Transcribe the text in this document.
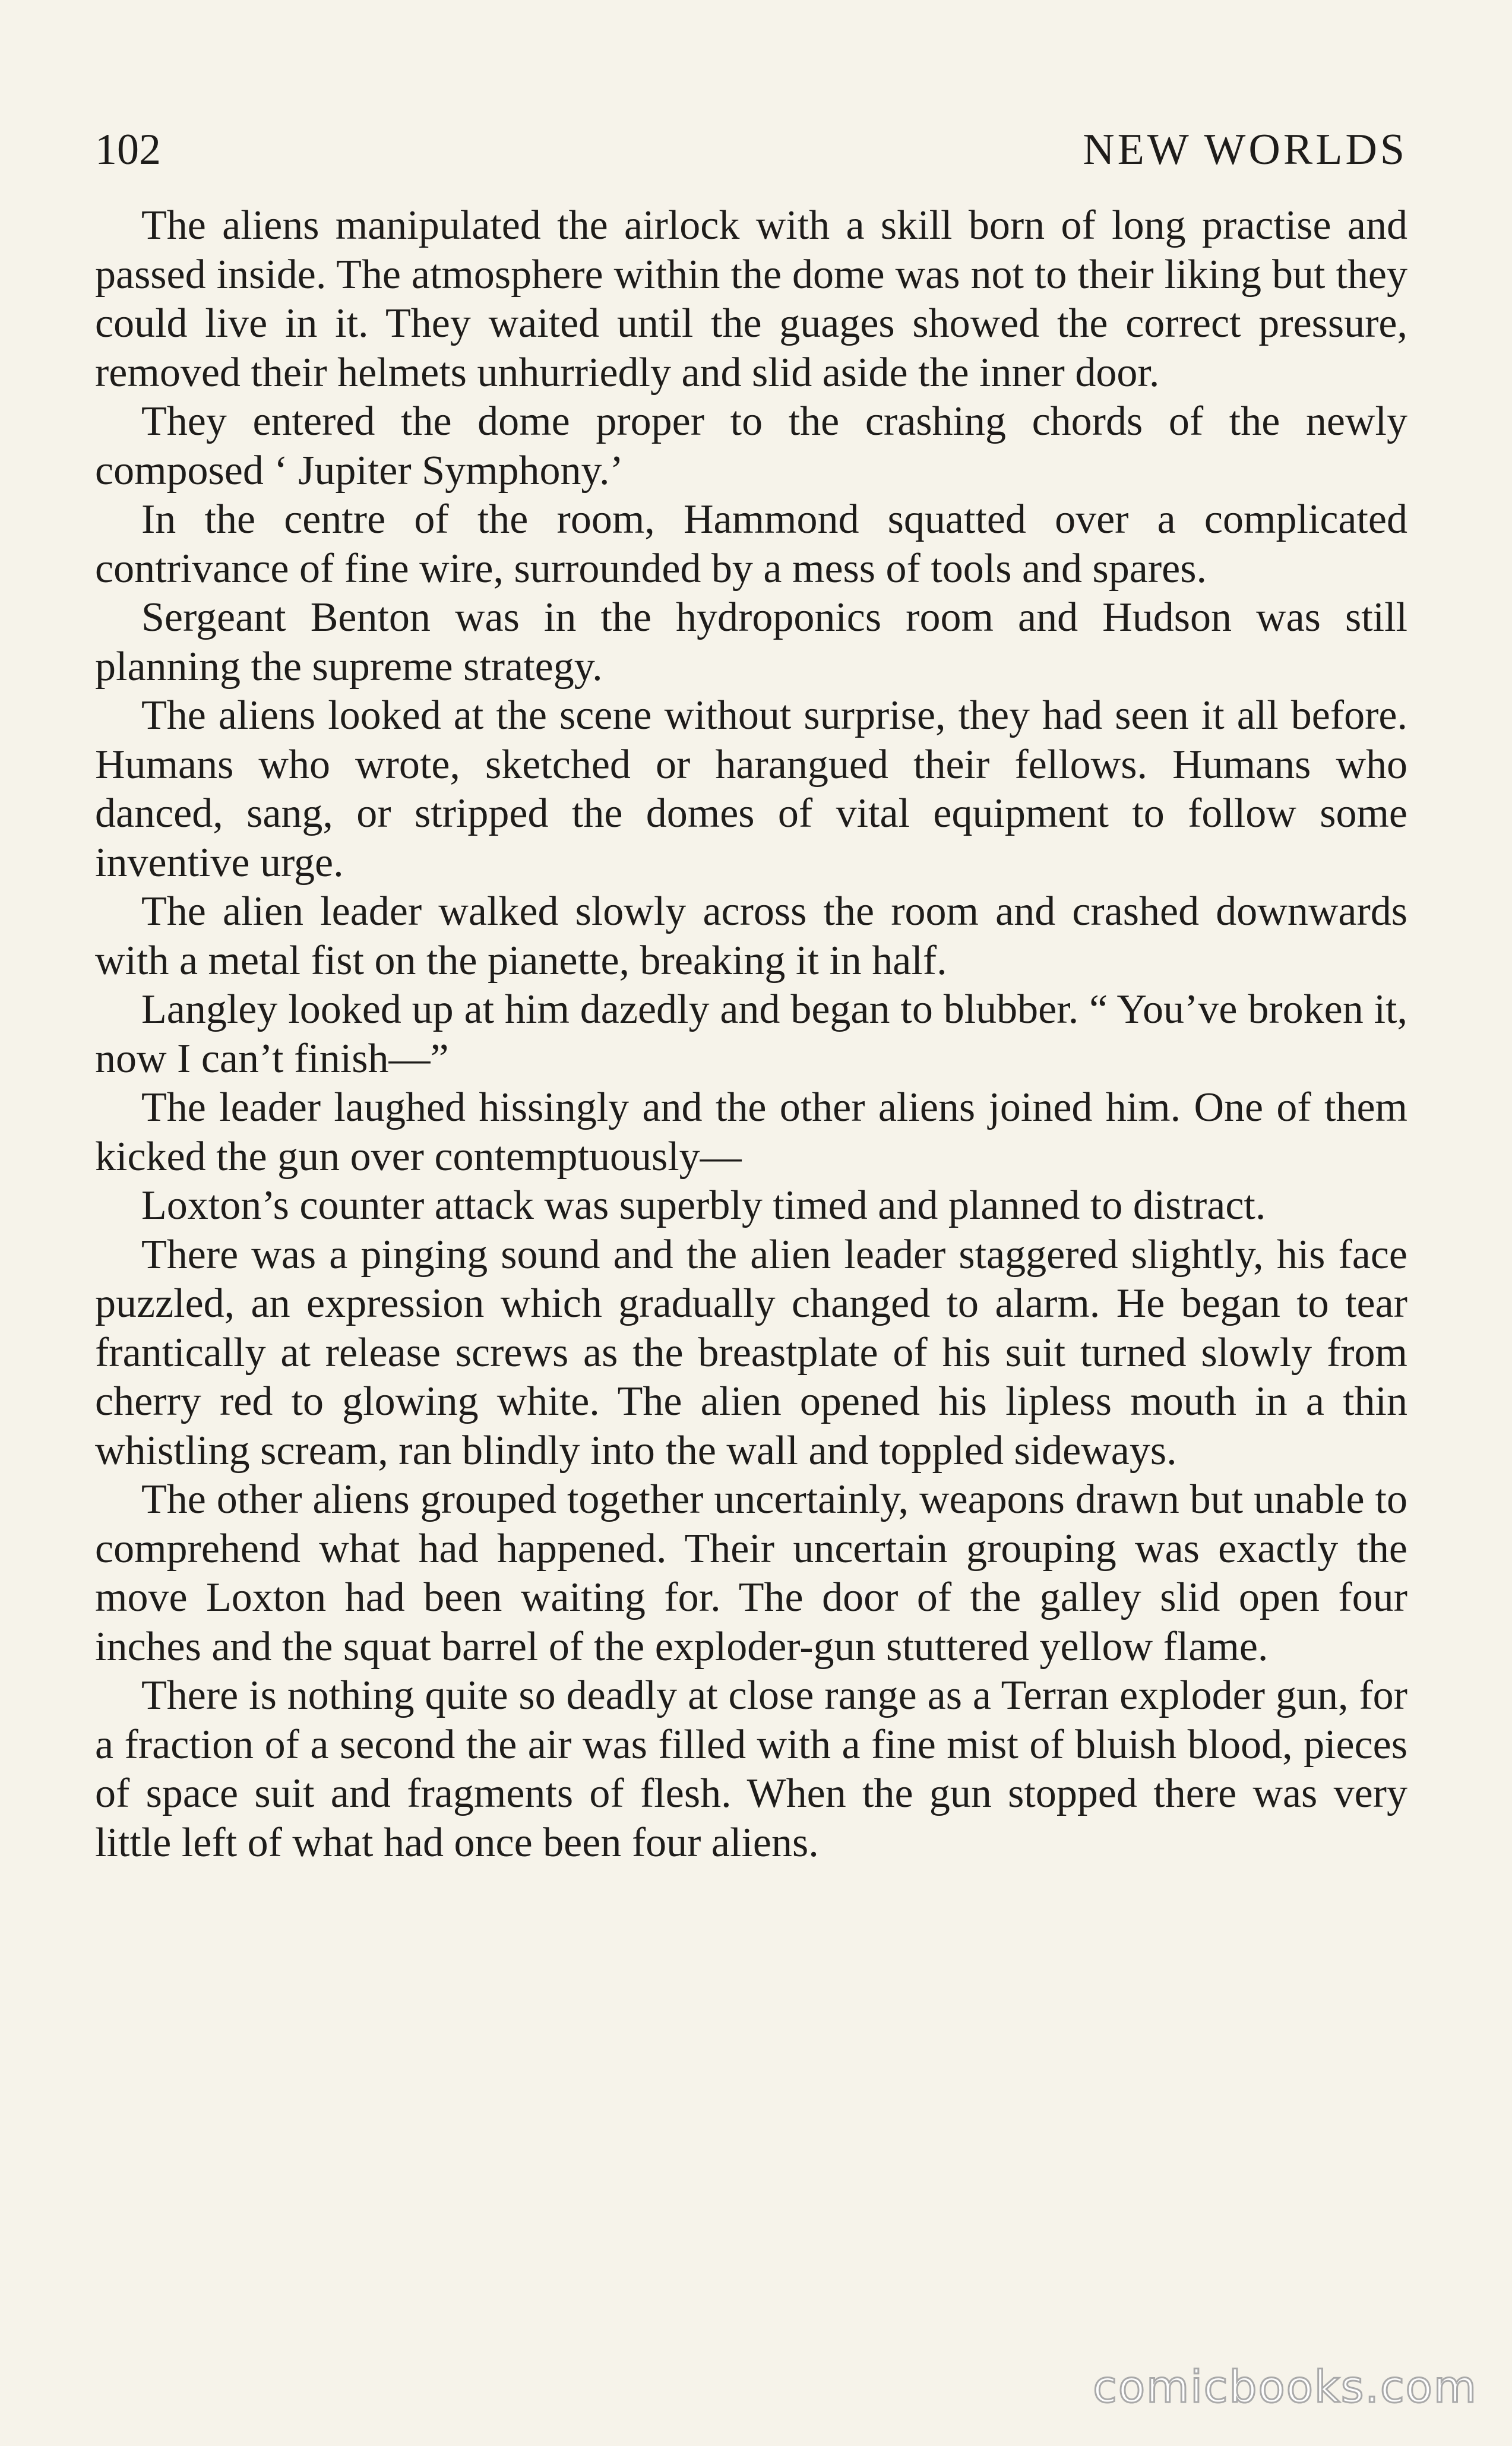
102	NEW WORLDS

The aliens manipulated the airlock with a skill born of long practise and passed inside. The atmosphere within the dome was not to their liking but they could live in it. They waited until the guages showed the correct pressure, removed their helmets unhurriedly and slid aside the inner door.

They entered the dome proper to the crashing chords of the newly composed ‘ Jupiter Symphony.’

In the centre of the room, Hammond squatted over a complicated contrivance of fine wire, surrounded by a mess of tools and spares.

Sergeant Benton was in the hydroponics room and Hudson was still planning the supreme strategy.

The aliens looked at the scene without surprise, they had seen it all before. Humans who wrote, sketched or harangued their fellows. Humans who danced, sang, or stripped the domes of vital equipment to follow some inventive urge.

The alien leader walked slowly across the room and crashed downwards with a metal fist on the pianette, breaking it in half.

Langley looked up at him dazedly and began to blubber. “ You’ve broken it, now I can’t finish—”

The leader laughed hissingly and the other aliens joined him. One of them kicked the gun over contemptuously—

Loxton’s counter attack was superbly timed and planned to distract.

There was a pinging sound and the alien leader staggered slightly, his face puzzled, an expression which gradually changed to alarm. He began to tear frantically at release screws as the breastplate of his suit turned slowly from cherry red to glowing white. The alien opened his lipless mouth in a thin whistling scream, ran blindly into the wall and toppled sideways.

The other aliens grouped together uncertainly, weapons drawn but unable to comprehend what had happened. Their uncertain grouping was exactly the move Loxton had been waiting for. The door of the galley slid open four inches and the squat barrel of the exploder-gun stuttered yellow flame.

There is nothing quite so deadly at close range as a Terran exploder gun, for a fraction of a second the air was filled with a fine mist of bluish blood, pieces of space suit and fragments of flesh. When the gun stopped there was very little left of what had once been four aliens.

comicbooks.com
